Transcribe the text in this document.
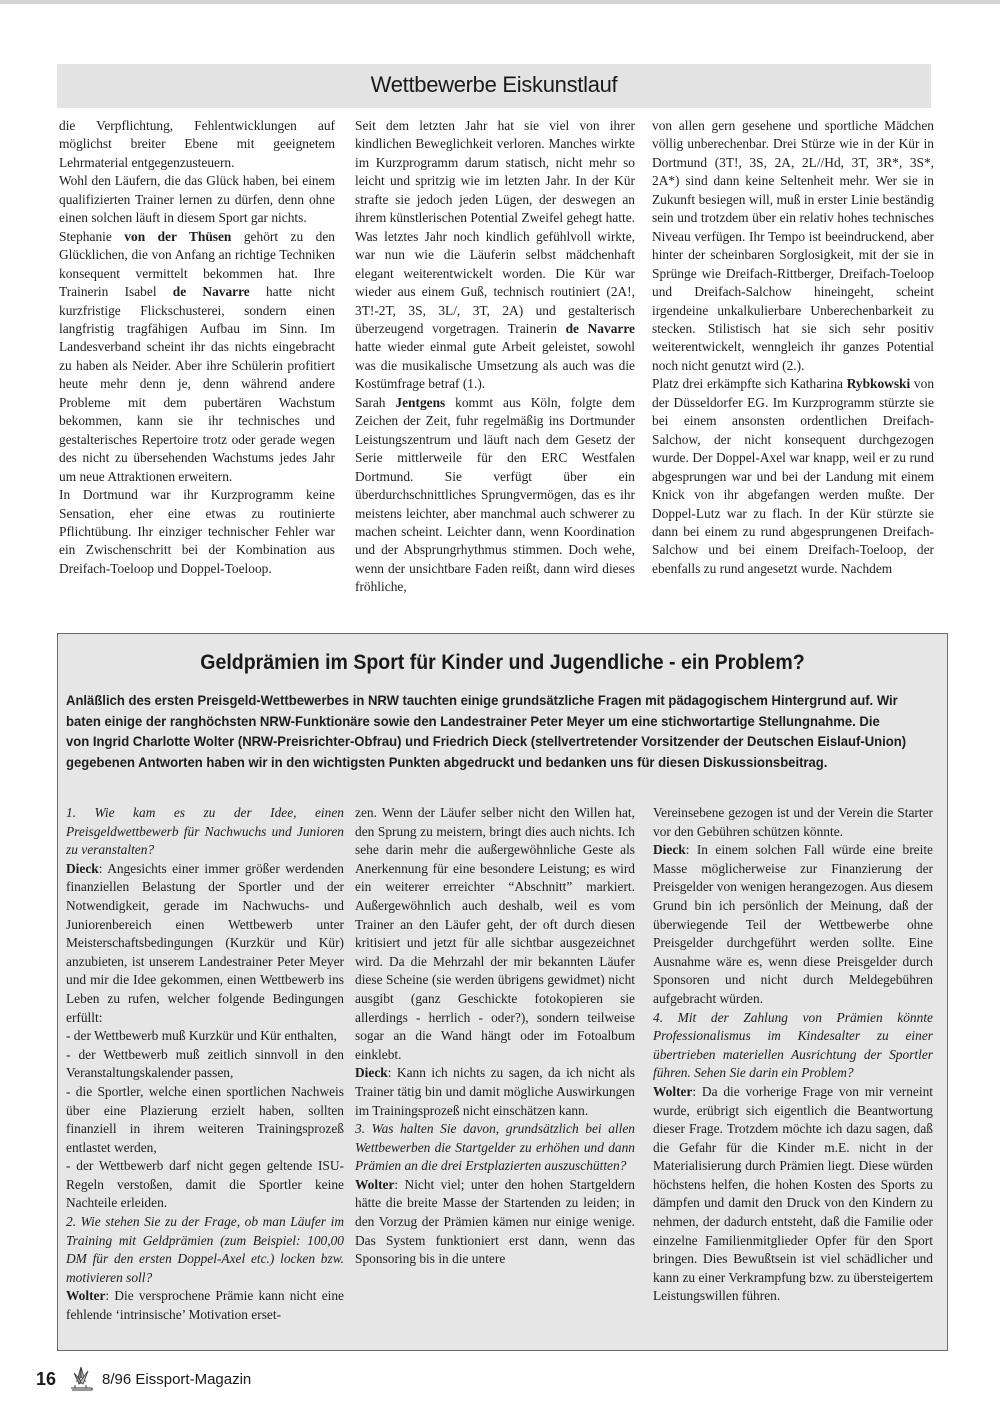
Wettbewerbe Eiskunstlauf

die Verpflichtung, Fehlentwicklungen auf möglichst breiter Ebene mit geeignetem Lehrmaterial entgegenzusteuern.

Wohl den Läufern, die das Glück haben, bei einem qualifizierten Trainer lernen zu dürfen, denn ohne einen solchen läuft in diesem Sport gar nichts.

Stephanie von der Thüsen gehört zu den Glücklichen, die von Anfang an richtige Techniken konsequent vermittelt bekommen hat. Ihre Trainerin Isabel de Navarre hatte nicht kurzfristige Flickschusterei, sondern einen langfristig tragfähigen Aufbau im Sinn. Im Landesverband scheint ihr das nichts eingebracht zu haben als Neider. Aber ihre Schülerin profitiert heute mehr denn je, denn während andere Probleme mit dem pubertären Wachstum bekommen, kann sie ihr technisches und gestalterisches Repertoire trotz oder gerade wegen des nicht zu übersehenden Wachstums jedes Jahr um neue Attraktionen erweitern.

In Dortmund war ihr Kurzprogramm keine Sensation, eher eine etwas zu routinierte Pflichtübung. Ihr einziger technischer Fehler war ein Zwischenschritt bei der Kombination aus Dreifach-Toeloop und Doppel-Toeloop.

Seit dem letzten Jahr hat sie viel von ihrer kindlichen Beweglichkeit verloren. Manches wirkte im Kurzprogramm darum statisch, nicht mehr so leicht und spritzig wie im letzten Jahr. In der Kür strafte sie jedoch jeden Lügen, der deswegen an ihrem künstlerischen Potential Zweifel gehegt hatte. Was letztes Jahr noch kindlich gefühlvoll wirkte, war nun wie die Läuferin selbst mädchenhaft elegant weiterentwickelt worden. Die Kür war wieder aus einem Guß, technisch routiniert (2A!, 3T!-2T, 3S, 3L/, 3T, 2A) und gestalterisch überzeugend vorgetragen. Trainerin de Navarre hatte wieder einmal gute Arbeit geleistet, sowohl was die musikalische Umsetzung als auch was die Kostümfrage betraf (1.).

Sarah Jentgens kommt aus Köln, folgte dem Zeichen der Zeit, fuhr regelmäßig ins Dortmunder Leistungszentrum und läuft nach dem Gesetz der Serie mittlerweile für den ERC Westfalen Dortmund. Sie verfügt über ein überdurchschnittliches Sprungvermögen, das es ihr meistens leichter, aber manchmal auch schwerer zu machen scheint. Leichter dann, wenn Koordination und der Absprungrhythmus stimmen. Doch wehe, wenn der unsichtbare Faden reißt, dann wird dieses fröhliche,

von allen gern gesehene und sportliche Mädchen völlig unberechenbar. Drei Stürze wie in der Kür in Dortmund (3T!, 3S, 2A, 2L//Hd, 3T, 3R*, 3S*, 2A*) sind dann keine Seltenheit mehr. Wer sie in Zukunft besiegen will, muß in erster Linie beständig sein und trotzdem über ein relativ hohes technisches Niveau verfügen. Ihr Tempo ist beeindruckend, aber hinter der scheinbaren Sorglosigkeit, mit der sie in Sprünge wie Dreifach-Rittberger, Dreifach-Toeloop und Dreifach-Salchow hineingeht, scheint irgendeine unkalkulierbare Unberechenbarkeit zu stecken. Stilistisch hat sie sich sehr positiv weiterentwickelt, wenngleich ihr ganzes Potential noch nicht genutzt wird (2.).

Platz drei erkämpfte sich Katharina Rybkowski von der Düsseldorfer EG. Im Kurzprogramm stürzte sie bei einem ansonsten ordentlichen Dreifach-Salchow, der nicht konsequent durchgezogen wurde. Der Doppel-Axel war knapp, weil er zu rund abgesprungen war und bei der Landung mit einem Knick von ihr abgefangen werden mußte. Der Doppel-Lutz war zu flach. In der Kür stürzte sie dann bei einem zu rund abgesprungenen Dreifach-Salchow und bei einem Dreifach-Toeloop, der ebenfalls zu rund angesetzt wurde. Nachdem

Geldprämien im Sport für Kinder und Jugendliche - ein Problem?
Anläßlich des ersten Preisgeld-Wettbewerbes in NRW tauchten einige grundsätzliche Fragen mit pädagogischem Hintergrund auf. Wir baten einige der ranghöchsten NRW-Funktionäre sowie den Landestrainer Peter Meyer um eine stichwortartige Stellungnahme. Die von Ingrid Charlotte Wolter (NRW-Preisrichter-Obfrau) und Friedrich Dieck (stellvertretender Vorsitzender der Deutschen Eislauf-Union) gegebenen Antworten haben wir in den wichtigsten Punkten abgedruckt und bedanken uns für diesen Diskussionsbeitrag.

1. Wie kam es zu der Idee, einen Preisgeldwettbewerb für Nachwuchs und Junioren zu veranstalten?

Dieck: Angesichts einer immer größer werdenden finanziellen Belastung der Sportler und der Notwendigkeit, gerade im Nachwuchs- und Juniorenbereich einen Wettbewerb unter Meisterschaftsbedingungen (Kurzkür und Kür) anzubieten, ist unserem Landestrainer Peter Meyer und mir die Idee gekommen, einen Wettbewerb ins Leben zu rufen, welcher folgende Bedingungen erfüllt:

- der Wettbewerb muß Kurzkür und Kür enthalten,

- der Wettbewerb muß zeitlich sinnvoll in den Veranstaltungskalender passen,

- die Sportler, welche einen sportlichen Nachweis über eine Plazierung erzielt haben, sollten finanziell in ihrem weiteren Trainingsprozeß entlastet werden,

- der Wettbewerb darf nicht gegen geltende ISU-Regeln verstoßen, damit die Sportler keine Nachteile erleiden.

2. Wie stehen Sie zu der Frage, ob man Läufer im Training mit Geldprämien (zum Beispiel: 100,00 DM für den ersten Doppel-Axel etc.) locken bzw. motivieren soll?

Wolter: Die versprochene Prämie kann nicht eine fehlende ‘intrinsische’ Motivation erset-

zen. Wenn der Läufer selber nicht den Willen hat, den Sprung zu meistern, bringt dies auch nichts. Ich sehe darin mehr die außergewöhnliche Geste als Anerkennung für eine besondere Leistung; es wird ein weiterer erreichter “Abschnitt” markiert. Außergewöhnlich auch deshalb, weil es vom Trainer an den Läufer geht, der oft durch diesen kritisiert und jetzt für alle sichtbar ausgezeichnet wird. Da die Mehrzahl der mir bekannten Läufer diese Scheine (sie werden übrigens gewidmet) nicht ausgibt (ganz Geschickte fotokopieren sie allerdings - herrlich - oder?), sondern teilweise sogar an die Wand hängt oder im Fotoalbum einklebt.

Dieck: Kann ich nichts zu sagen, da ich nicht als Trainer tätig bin und damit mögliche Auswirkungen im Trainingsprozeß nicht einschätzen kann.

3. Was halten Sie davon, grundsätzlich bei allen Wettbewerben die Startgelder zu erhöhen und dann Prämien an die drei Erstplazierten auszuschütten?

Wolter: Nicht viel; unter den hohen Startgeldern hätte die breite Masse der Startenden zu leiden; in den Vorzug der Prämien kämen nur einige wenige. Das System funktioniert erst dann, wenn das Sponsoring bis in die untere

Vereinsebene gezogen ist und der Verein die Starter vor den Gebühren schützen könnte.

Dieck: In einem solchen Fall würde eine breite Masse möglicherweise zur Finanzierung der Preisgelder von wenigen herangezogen. Aus diesem Grund bin ich persönlich der Meinung, daß der überwiegende Teil der Wettbewerbe ohne Preisgelder durchgeführt werden sollte. Eine Ausnahme wäre es, wenn diese Preisgelder durch Sponsoren und nicht durch Meldegebühren aufgebracht würden.

4. Mit der Zahlung von Prämien könnte Professionalismus im Kindesalter zu einer übertrieben materiellen Ausrichtung der Sportler führen. Sehen Sie darin ein Problem?

Wolter: Da die vorherige Frage von mir verneint wurde, erübrigt sich eigentlich die Beantwortung dieser Frage. Trotzdem möchte ich dazu sagen, daß die Gefahr für die Kinder m.E. nicht in der Materialisierung durch Prämien liegt. Diese würden höchstens helfen, die hohen Kosten des Sports zu dämpfen und damit den Druck von den Kindern zu nehmen, der dadurch entsteht, daß die Familie oder einzelne Familienmitglieder Opfer für den Sport bringen. Dies Bewußtsein ist viel schädlicher und kann zu einer Verkrampfung bzw. zu übersteigertem Leistungswillen führen.

16	8/96 Eissport-Magazin
